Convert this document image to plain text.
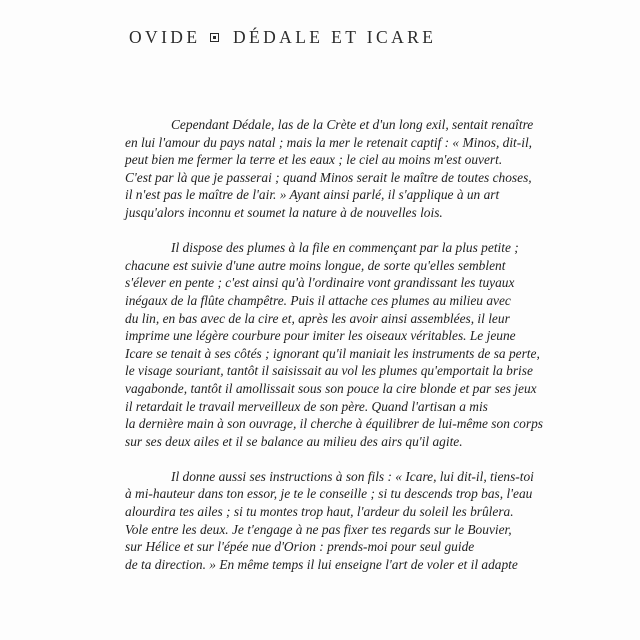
OVIDE DÉDALE ET ICARE
Cependant Dédale, las de la Crète et d'un long exil, sentait renaître
en lui l'amour du pays natal ; mais la mer le retenait captif : « Minos, dit-il,
peut bien me fermer la terre et les eaux ; le ciel au moins m'est ouvert.
C'est par là que je passerai ; quand Minos serait le maître de toutes choses,
il n'est pas le maître de l'air. » Ayant ainsi parlé, il s'applique à un art
jusqu'alors inconnu et soumet la nature à de nouvelles lois.
Il dispose des plumes à la file en commençant par la plus petite ;
chacune est suivie d'une autre moins longue, de sorte qu'elles semblent
s'élever en pente ; c'est ainsi qu'à l'ordinaire vont grandissant les tuyaux
inégaux de la flûte champêtre. Puis il attache ces plumes au milieu avec
du lin, en bas avec de la cire et, après les avoir ainsi assemblées, il leur
imprime une légère courbure pour imiter les oiseaux véritables. Le jeune
Icare se tenait à ses côtés ; ignorant qu'il maniait les instruments de sa perte,
le visage souriant, tantôt il saisissait au vol les plumes qu'emportait la brise
vagabonde, tantôt il amollissait sous son pouce la cire blonde et par ses jeux
il retardait le travail merveilleux de son père. Quand l'artisan a mis
la dernière main à son ouvrage, il cherche à équilibrer de lui-même son corps
sur ses deux ailes et il se balance au milieu des airs qu'il agite.
Il donne aussi ses instructions à son fils : « Icare, lui dit-il, tiens-toi
à mi-hauteur dans ton essor, je te le conseille ; si tu descends trop bas, l'eau
alourdira tes ailes ; si tu montes trop haut, l'ardeur du soleil les brûlera.
Vole entre les deux. Je t'engage à ne pas fixer tes regards sur le Bouvier,
sur Hélice et sur l'épée nue d'Orion : prends-moi pour seul guide
de ta direction. » En même temps il lui enseigne l'art de voler et il adapte
